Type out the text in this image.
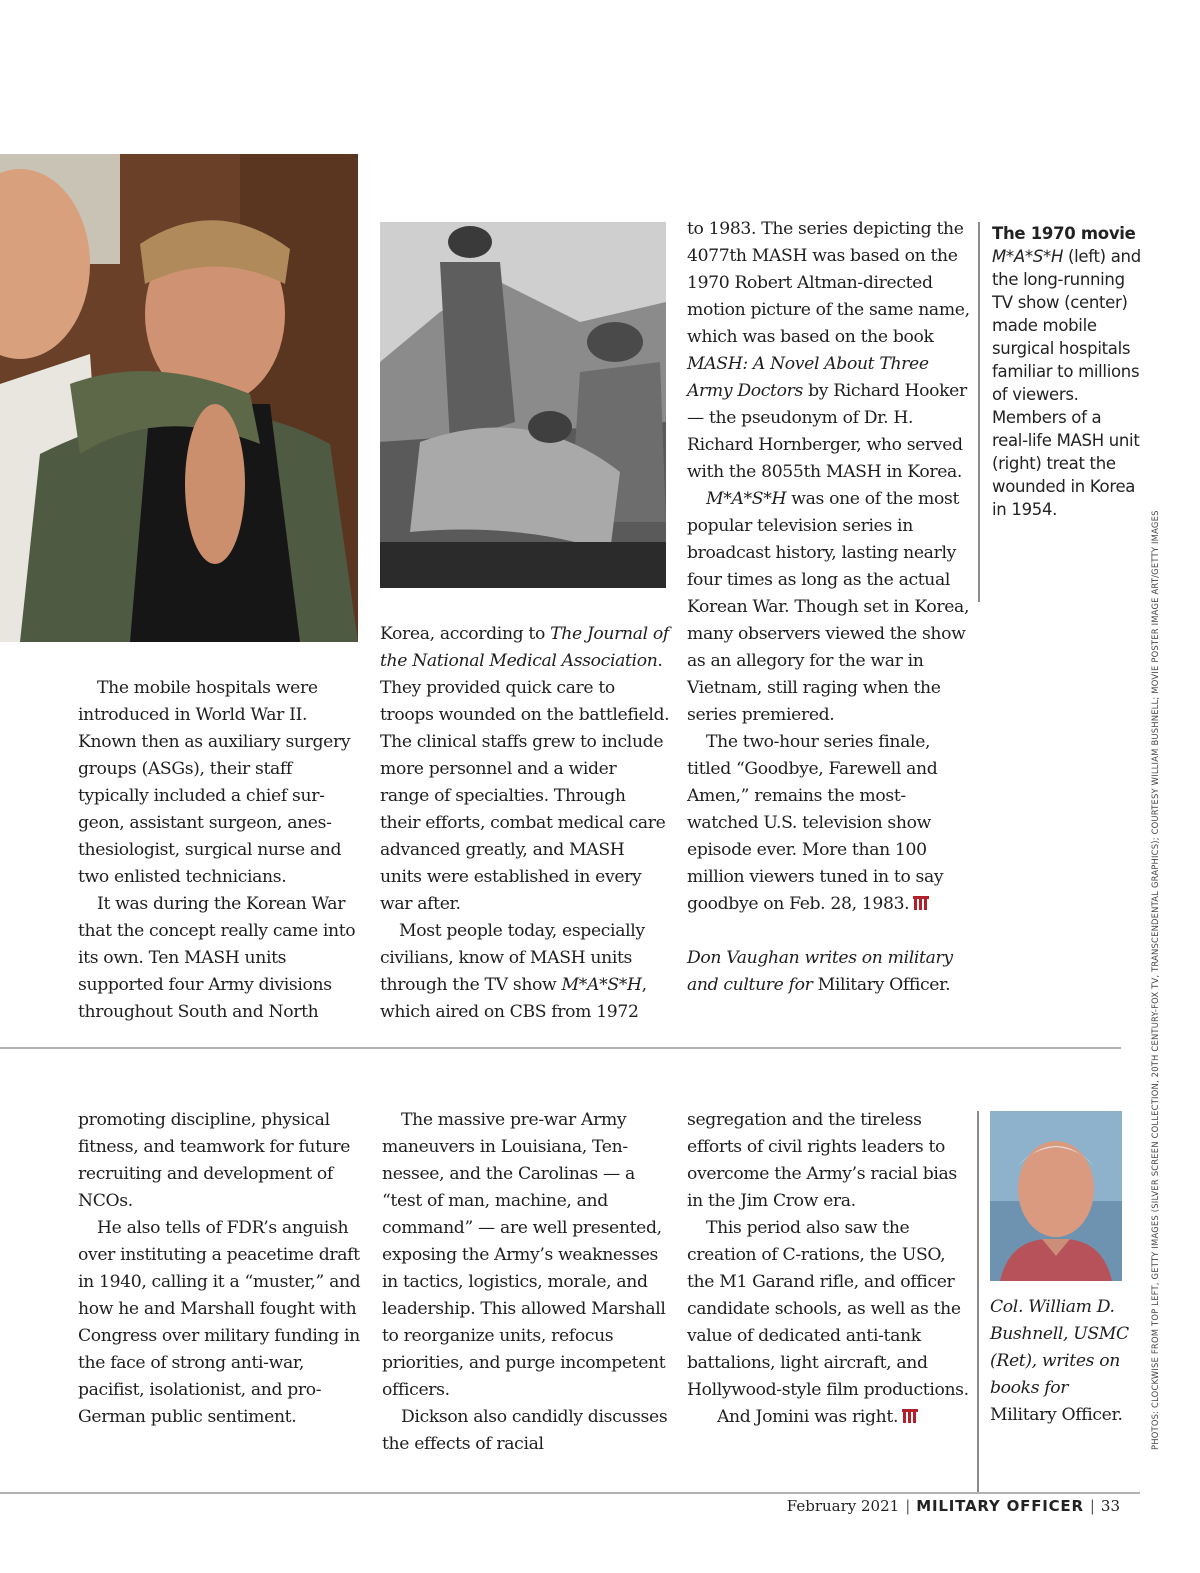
The mobile hospitals were introduced in World War II. Known then as auxiliary surgery groups (ASGs), their staff typically included a chief surgeon, assistant surgeon, anesthesiologist, surgical nurse and two enlisted technicians.

It was during the Korean War that the concept really came into its own. Ten MASH units supported four Army divisions throughout South and North

Korea, according to The Journal of the National Medical Association. They provided quick care to troops wounded on the battlefield. The clinical staffs grew to include more personnel and a wider range of specialties. Through their efforts, combat medical care advanced greatly, and MASH units were established in every war after.

Most people today, especially civilians, know of MASH units through the TV show M*A*S*H, which aired on CBS from 1972

to 1983. The series depicting the 4077th MASH was based on the 1970 Robert Altman-directed motion picture of the same name, which was based on the book MASH: A Novel About Three Army Doctors by Richard Hooker — the pseudonym of Dr. H. Richard Hornberger, who served with the 8055th MASH in Korea.

M*A*S*H was one of the most popular television series in broadcast history, lasting nearly four times as long as the actual Korean War. Though set in Korea, many observers viewed the show as an allegory for the war in Vietnam, still raging when the series premiered.

The two-hour series finale, titled “Goodbye, Farewell and Amen,” remains the most-watched U.S. television show episode ever. More than 100 million viewers tuned in to say goodbye on Feb. 28, 1983.

Don Vaughan writes on military and culture for Military Officer.

The 1970 movie M*A*S*H (left) and the long-running TV show (center) made mobile surgical hospitals familiar to millions of viewers. Members of a real-life MASH unit (right) treat the wounded in Korea in 1954.

promoting discipline, physical fitness, and teamwork for future recruiting and development of NCOs.

He also tells of FDR’s anguish over instituting a peacetime draft in 1940, calling it a “muster,” and how he and Marshall fought with Congress over military funding in the face of strong anti-war, pacifist, isolationist, and pro-German public sentiment.

The massive pre-war Army maneuvers in Louisiana, Tennessee, and the Carolinas — a “test of man, machine, and command” — are well presented, exposing the Army’s weaknesses in tactics, logistics, morale, and leadership. This allowed Marshall to reorganize units, refocus priorities, and purge incompetent officers.

Dickson also candidly discusses the effects of racial

segregation and the tireless efforts of civil rights leaders to overcome the Army’s racial bias in the Jim Crow era.

This period also saw the creation of C-rations, the USO, the M1 Garand rifle, and officer candidate schools, as well as the value of dedicated anti-tank battalions, light aircraft, and Hollywood-style film productions.

And Jomini was right.

Col. William D. Bushnell, USMC (Ret), writes on books for Military Officer.
February 2021 | MILITARY OFFICER | 33
PHOTOS: CLOCKWISE FROM TOP LEFT, GETTY IMAGES (SILVER SCREEN COLLECTION, 20TH CENTURY-FOX TV, TRANSCENDENTAL GRAPHICS); COURTESY WILLIAM BUSHNELL; MOVIE POSTER IMAGE ART/GETTY IMAGES
